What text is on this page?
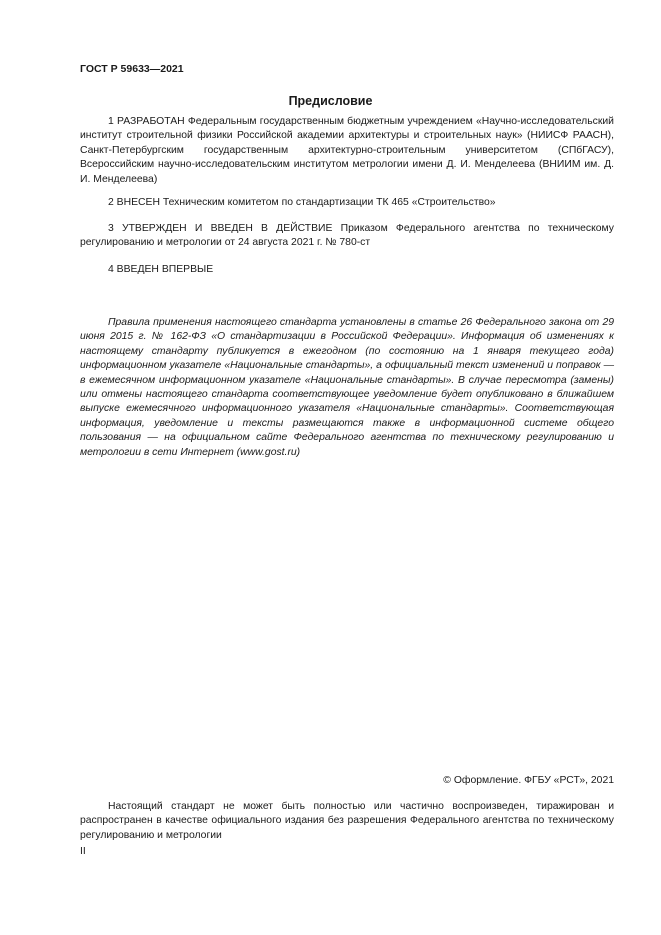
ГОСТ Р 59633—2021
Предисловие

1 РАЗРАБОТАН Федеральным государственным бюджетным учреждением «Научно-исследовательский институт строительной физики Российской академии архитектуры и строительных наук» (НИИСФ РААСН), Санкт-Петербургским государственным архитектурно-строительным университетом (СПбГАСУ), Всероссийским научно-исследовательским институтом метрологии имени Д. И. Менделеева (ВНИИМ им. Д. И. Менделеева)

2 ВНЕСЕН Техническим комитетом по стандартизации ТК 465 «Строительство»

3 УТВЕРЖДЕН И ВВЕДЕН В ДЕЙСТВИЕ Приказом Федерального агентства по техническому регулированию и метрологии от 24 августа 2021 г. № 780-ст

4 ВВЕДЕН ВПЕРВЫЕ

Правила применения настоящего стандарта установлены в статье 26 Федерального закона от 29 июня 2015 г. № 162-ФЗ «О стандартизации в Российской Федерации». Информация об изменениях к настоящему стандарту публикуется в ежегодном (по состоянию на 1 января текущего года) информационном указателе «Национальные стандарты», а официальный текст изменений и поправок — в ежемесячном информационном указателе «Национальные стандарты». В случае пересмотра (замены) или отмены настоящего стандарта соответствующее уведомление будет опубликовано в ближайшем выпуске ежемесячного информационного указателя «Национальные стандарты». Соответствующая информация, уведомление и тексты размещаются также в информационной системе общего пользования — на официальном сайте Федерального агентства по техническому регулированию и метрологии в сети Интернет (www.gost.ru)

© Оформление. ФГБУ «РСТ», 2021

Настоящий стандарт не может быть полностью или частично воспроизведен, тиражирован и распространен в качестве официального издания без разрешения Федерального агентства по техническому регулированию и метрологии

II
